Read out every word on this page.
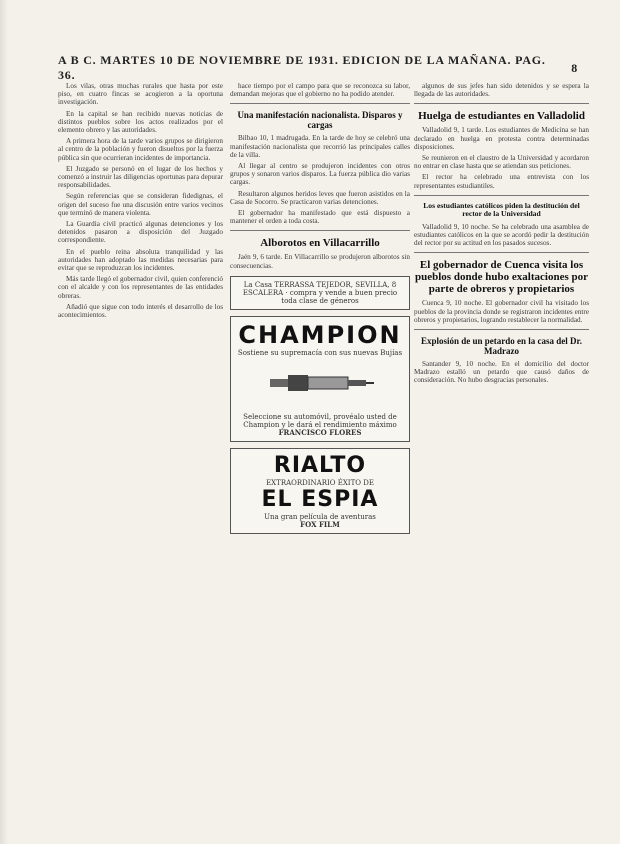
A B C. MARTES 10 DE NOVIEMBRE DE 1931. EDICION DE LA MAÑANA. PAG. 36.
8

Los vilas, otras muchas rurales que hasta por este piso, en cuatro fincas se acogieron a la oportuna investigación.

En la capital se han recibido nuevas noticias de distintos pueblos sobre los actos realizados por el elemento obrero y las autoridades.

A primera hora de la tarde varios grupos se dirigieron al centro de la población y fueron disueltos por la fuerza pública sin que ocurrieran incidentes de importancia.

El Juzgado se personó en el lugar de los hechos y comenzó a instruir las diligencias oportunas para depurar responsabilidades.

Según referencias que se consideran fidedignas, el origen del suceso fue una discusión entre varios vecinos que terminó de manera violenta.

La Guardia civil practicó algunas detenciones y los detenidos pasaron a disposición del Juzgado correspondiente.

En el pueblo reina absoluta tranquilidad y las autoridades han adoptado las medidas necesarias para evitar que se reproduzcan los incidentes.

Más tarde llegó el gobernador civil, quien conferenció con el alcalde y con los representantes de las entidades obreras.

Añadió que sigue con todo interés el desarrollo de los acontecimientos.

hace tiempo por el campo para que se reconozca su labor, demandan mejoras que el gobierno no ha podido atender.

Una manifestación nacionalista. Disparos y cargas

Bilbao 10, 1 madrugada. En la tarde de hoy se celebró una manifestación nacionalista que recorrió las principales calles de la villa.

Al llegar al centro se produjeron incidentes con otros grupos y sonaron varios disparos. La fuerza pública dio varias cargas.

Resultaron algunos heridos leves que fueron asistidos en la Casa de Socorro. Se practicaron varias detenciones.

El gobernador ha manifestado que está dispuesto a mantener el orden a toda costa.

Alborotos en Villacarrillo

Jaén 9, 6 tarde. En Villacarrillo se produjeron alborotos sin consecuencias.

La Casa TERRASSA TEJEDOR, SEVILLA, 8
ESCALERA · compra y vende a buen precio toda clase de géneros
CHAMPION
Sostiene su supremacía con sus nuevas Bujías
Seleccione su automóvil, provéalo usted de Champion y le dará el rendimiento máximo
FRANCISCO FLORES
RIALTO
EXTRAORDINARIO ÉXITO DE
EL ESPIA
Una gran película de aventuras
FOX FILM

algunos de sus jefes han sido detenidos y se espera la llegada de las autoridades.

Huelga de estudiantes en Valladolid

Valladolid 9, 1 tarde. Los estudiantes de Medicina se han declarado en huelga en protesta contra determinadas disposiciones.

Se reunieron en el claustro de la Universidad y acordaron no entrar en clase hasta que se atiendan sus peticiones.

El rector ha celebrado una entrevista con los representantes estudiantiles.

Los estudiantes católicos piden la destitución del rector de la Universidad

Valladolid 9, 10 noche. Se ha celebrado una asamblea de estudiantes católicos en la que se acordó pedir la destitución del rector por su actitud en los pasados sucesos.

El gobernador de Cuenca visita los pueblos donde hubo exaltaciones por parte de obreros y propietarios

Cuenca 9, 10 noche. El gobernador civil ha visitado los pueblos de la provincia donde se registraron incidentes entre obreros y propietarios, logrando restablecer la normalidad.

Explosión de un petardo en la casa del Dr. Madrazo

Santander 9, 10 noche. En el domicilio del doctor Madrazo estalló un petardo que causó daños de consideración. No hubo desgracias personales.
